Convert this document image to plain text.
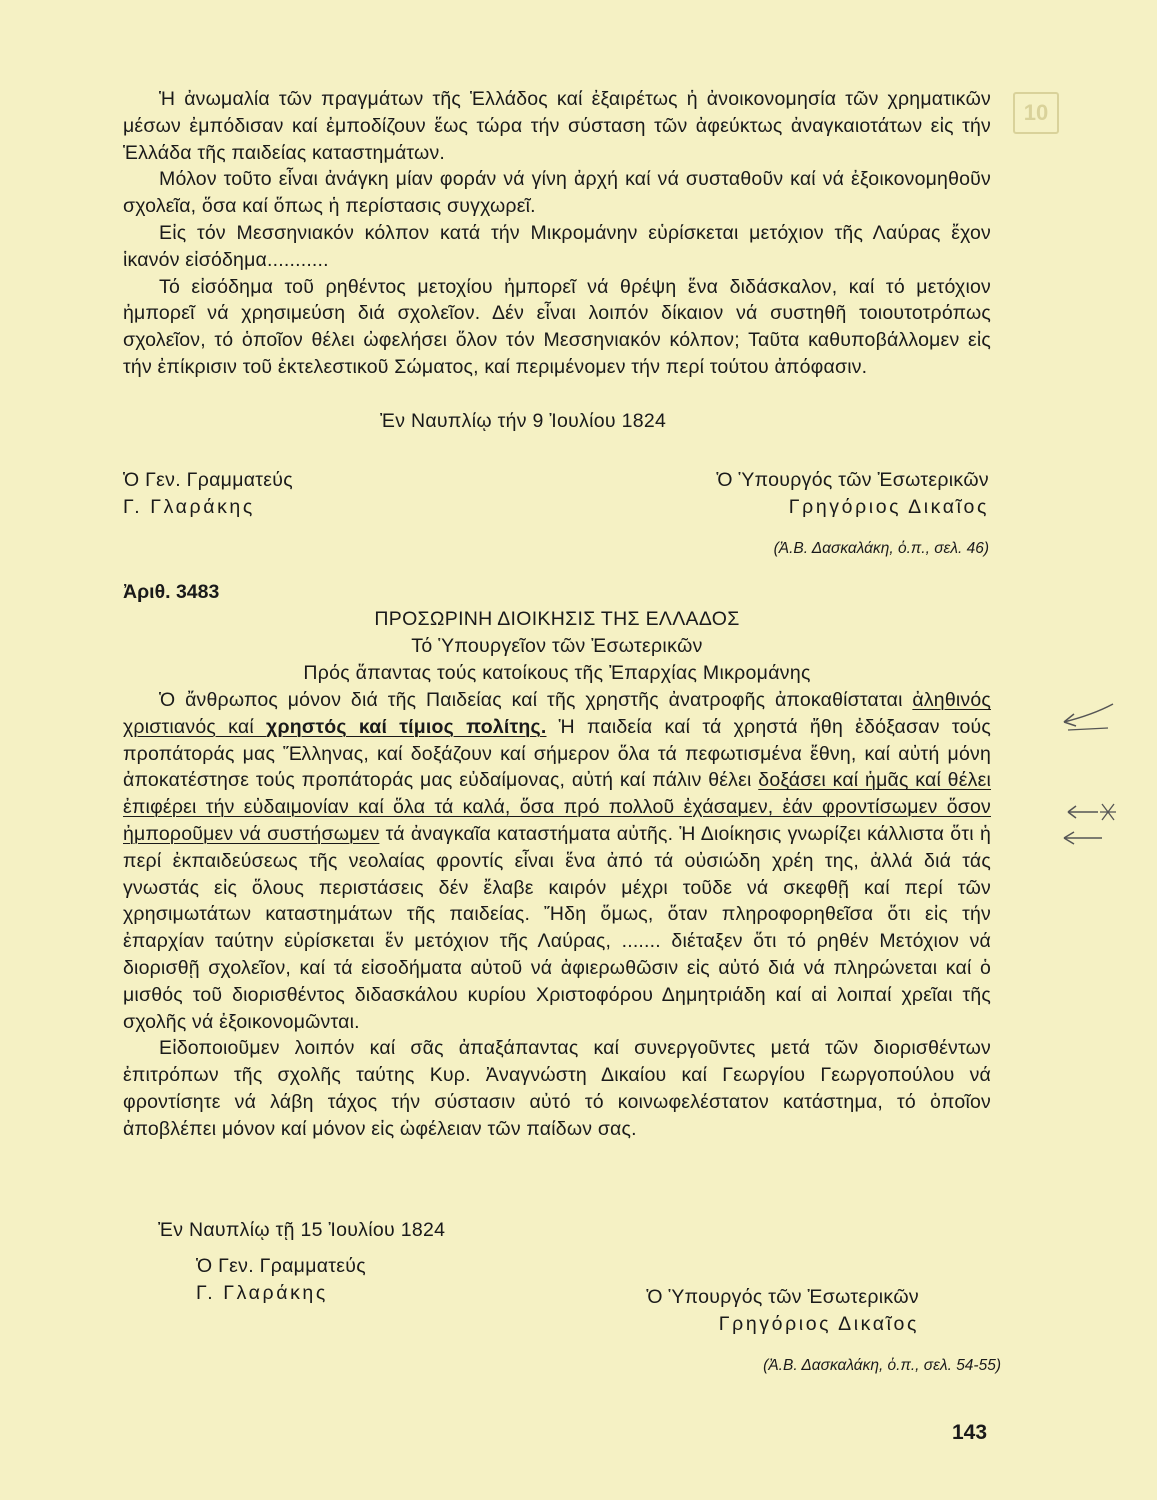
10

Ἡ ἀνωμαλία τῶν πραγμάτων τῆς Ἑλλάδος καί ἐξαιρέτως ἡ ἀνοικονομησία τῶν χρηματικῶν μέσων ἐμπόδισαν καί ἐμποδίζουν ἕως τώρα τήν σύσταση τῶν ἀφεύκτως ἀναγκαιοτάτων εἰς τήν Ἑλλάδα τῆς παιδείας καταστημάτων.

Μόλον τοῦτο εἶναι ἀνάγκη μίαν φοράν νά γίνη ἀρχή καί νά συσταθοῦν καί νά ἐξοικονομηθοῦν σχολεῖα, ὅσα καί ὅπως ἡ περίστασις συγχωρεῖ.

Εἰς τόν Μεσσηνιακόν κόλπον κατά τήν Μικρομάνην εὑρίσκεται μετόχιον τῆς Λαύρας ἔχον ἱκανόν εἰσόδημα...........

Τό εἰσόδημα τοῦ ρηθέντος μετοχίου ἠμπορεῖ νά θρέψη ἕνα διδάσκαλον, καί τό μετόχιον ἠμπορεῖ νά χρησιμεύση διά σχολεῖον. Δέν εἶναι λοιπόν δίκαιον νά συστηθῆ τοιουτοτρόπως σχολεῖον, τό ὁποῖον θέλει ὠφελήσει ὅλον τόν Μεσσηνιακόν κόλπον; Ταῦτα καθυποβάλλομεν εἰς τήν ἐπίκρισιν τοῦ ἐκτελεστικοῦ Σώματος, καί περιμένομεν τήν περί τούτου ἀπόφασιν.

Ἐν Ναυπλίῳ τήν 9 Ἰουλίου 1824
Ὁ Γεν. Γραμματεύς
Γ. Γλαράκης
Ὁ Ὑπουργός τῶν Ἐσωτερικῶν
Γρηγόριος Δικαῖος
(Ἀ.Β. Δασκαλάκη, ὁ.π., σελ. 46)
Ἀριθ. 3483

ΠΡΟΣΩΡΙΝΗ ΔΙΟΙΚΗΣΙΣ ΤΗΣ ΕΛΛΑΔΟΣ

Τό Ὑπουργεῖον τῶν Ἐσωτερικῶν

Πρός ἅπαντας τούς κατοίκους τῆς Ἐπαρχίας Μικρομάνης

Ὁ ἄνθρωπος μόνον διά τῆς Παιδείας καί τῆς χρηστῆς ἀνατροφῆς ἀποκαθίσταται ἀληθινός χριστιανός καί χρηστός καί τίμιος πολίτης. Ἡ παιδεία καί τά χρηστά ἤθη ἐδόξασαν τούς προπάτοράς μας Ἕλληνας, καί δοξάζουν καί σήμερον ὅλα τά πεφωτισμένα ἔθνη, καί αὐτή μόνη ἀποκατέστησε τούς προπάτοράς μας εὐδαίμονας, αὐτή καί πάλιν θέλει δοξάσει καί ἡμᾶς καί θέλει ἐπιφέρει τήν εὐδαιμονίαν καί ὅλα τά καλά, ὅσα πρό πολλοῦ ἐχάσαμεν, ἐάν φροντίσωμεν ὅσον ἠμποροῦμεν νά συστήσωμεν τά ἀναγκαῖα καταστήματα αὐτῆς. Ἡ Διοίκησις γνωρίζει κάλλιστα ὅτι ἡ περί ἐκπαιδεύσεως τῆς νεολαίας φροντίς εἶναι ἕνα ἀπό τά οὐσιώδη χρέη της, ἀλλά διά τάς γνωστάς εἰς ὅλους περιστάσεις δέν ἔλαβε καιρόν μέχρι τοῦδε νά σκεφθῇ καί περί τῶν χρησιμωτάτων καταστημάτων τῆς παιδείας. Ἤδη ὅμως, ὅταν πληροφορηθεῖσα ὅτι εἰς τήν ἐπαρχίαν ταύτην εὑρίσκεται ἕν μετόχιον τῆς Λαύρας, ....... διέταξεν ὅτι τό ρηθέν Μετόχιον νά διορισθῇ σχολεῖον, καί τά εἰσοδήματα αὐτοῦ νά ἀφιερωθῶσιν εἰς αὐτό διά νά πληρώνεται καί ὁ μισθός τοῦ διορισθέντος διδασκάλου κυρίου Χριστοφόρου Δημητριάδη καί αἱ λοιπαί χρεῖαι τῆς σχολῆς νά ἐξοικονομῶνται.

Εἰδοποιοῦμεν λοιπόν καί σᾶς ἀπαξάπαντας καί συνεργοῦντες μετά τῶν διορισθέντων ἐπιτρόπων τῆς σχολῆς ταύτης Κυρ. Ἀναγνώστη Δικαίου καί Γεωργίου Γεωργοπούλου νά φροντίσητε νά λάβη τάχος τήν σύστασιν αὐτό τό κοινωφελέστατον κατάστημα, τό ὁποῖον ἀποβλέπει μόνον καί μόνον εἰς ὠφέλειαν τῶν παίδων σας.

Ἐν Ναυπλίῳ τῇ 15 Ἰουλίου 1824
Ὁ Γεν. Γραμματεύς
Γ. Γλαράκης	Ὁ Ὑπουργός τῶν Ἐσωτερικῶν
Γρηγόριος Δικαῖος
(Ἀ.Β. Δασκαλάκη, ὁ.π., σελ. 54-55)
143
